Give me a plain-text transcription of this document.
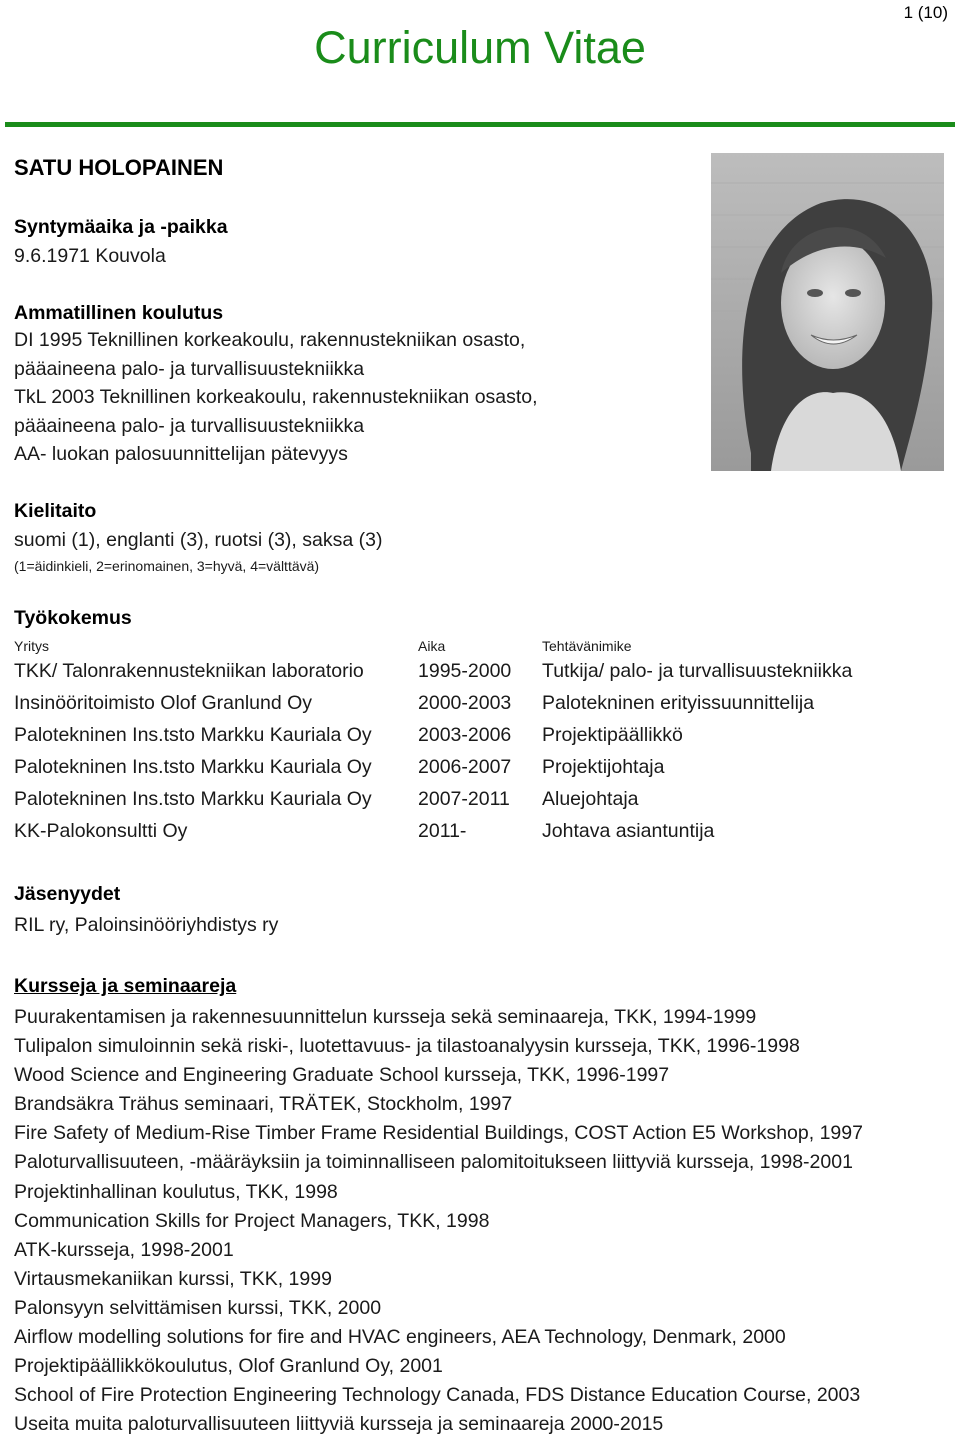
1 (10)
Curriculum Vitae
SATU HOLOPAINEN
Syntymäaika ja -paikka
9.6.1971 Kouvola
Ammatillinen koulutus
DI 1995 Teknillinen korkeakoulu, rakennustekniikan osasto,
pääaineena palo- ja turvallisuustekniikka
TkL 2003 Teknillinen korkeakoulu, rakennustekniikan osasto,
pääaineena palo- ja turvallisuustekniikka
AA- luokan palosuunnittelijan pätevyys
Kielitaito
suomi (1), englanti (3), ruotsi (3), saksa (3)
(1=äidinkieli, 2=erinomainen, 3=hyvä, 4=välttävä)
Työkokemus
Yritys	Aika	Tehtävänimike
TKK/ Talonrakennustekniikan laboratorio	1995-2000 Tutkija/ palo- ja turvallisuustekniikka
Insinööritoimisto Olof Granlund Oy	2000-2003 Palotekninen erityissuunnittelija
Palotekninen Ins.tsto Markku Kauriala Oy 2003-2006 Projektipäällikkö
Palotekninen Ins.tsto Markku Kauriala Oy 2006-2007 Projektijohtaja
Palotekninen Ins.tsto Markku Kauriala Oy 2007-2011 Aluejohtaja
KK-Palokonsultti Oy	2011-	Johtava asiantuntija
Jäsenyydet
RIL ry, Paloinsinööriyhdistys ry
Kursseja ja seminaareja
Puurakentamisen ja rakennesuunnittelun kursseja sekä seminaareja, TKK, 1994-1999
Tulipalon simuloinnin sekä riski-, luotettavuus- ja tilastoanalyysin kursseja, TKK, 1996-1998
Wood Science and Engineering Graduate School kursseja, TKK, 1996-1997
Brandsäkra Trähus seminaari, TRÄTEK, Stockholm, 1997
Fire Safety of Medium-Rise Timber Frame Residential Buildings, COST Action E5 Workshop, 1997
Paloturvallisuuteen, -määräyksiin ja toiminnalliseen palomitoitukseen liittyviä kursseja, 1998-2001
Projektinhallinan koulutus, TKK, 1998
Communication Skills for Project Managers, TKK, 1998
ATK-kursseja, 1998-2001
Virtausmekaniikan kurssi, TKK, 1999
Palonsyyn selvittämisen kurssi, TKK, 2000
Airflow modelling solutions for fire and HVAC engineers, AEA Technology, Denmark, 2000
Projektipäällikkökoulutus, Olof Granlund Oy, 2001
School of Fire Protection Engineering Technology Canada, FDS Distance Education Course, 2003
Useita muita paloturvallisuuteen liittyviä kursseja ja seminaareja 2000-2015
